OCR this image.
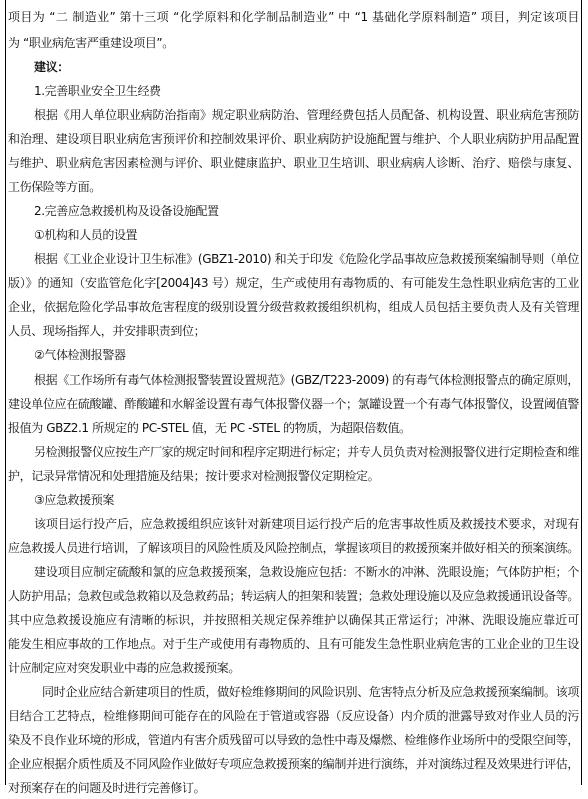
项目为 “二 制造业” 第十三项 “化学原料和化学制品制造业” 中 “1 基础化学原料制造” 项目，判定该项目
为 “职业病危害严重建设项目”。
建议：
1.完善职业安全卫生经费
根据《用人单位职业病防治指南》规定职业病防治、管理经费包括人员配备、机构设置、职业病危害预防
和治理、建设项目职业病危害预评价和控制效果评价、职业病防护设施配置与维护、个人职业病防护用品配置
与维护、职业病危害因素检测与评价、职业健康监护、职业卫生培训、职业病病人诊断、治疗、赔偿与康复、
工伤保险等方面。
2.完善应急救援机构及设备设施配置
①机构和人员的设置
根据《工业企业设计卫生标准》(GBZ1-2010) 和关于印发《危险化学品事故应急救援预案编制导则（单位
版）》的通知（安监管危化字[2004]43 号）规定，生产或使用有毒物质的、有可能发生急性职业病危害的工业
企业，依据危险化学品事故危害程度的级别设置分级营救救援组织机构，组成人员包括主要负责人及有关管理
人员、现场指挥人，并安排职责到位；
②气体检测报警器
根据《工作场所有毒气体检测报警装置设置规范》(GBZ/T223-2009) 的有毒气体检测报警点的确定原则，
建设单位应在硫酸罐、酢酸罐和水解釜设置有毒气体报警仪器一个；氯罐设置一个有毒气体报警仪，设置阈值警
报值为 GBZ2.1 所规定的 PC-STEL 值，无 PC -STEL 的物质，为超限倍数值。
另检测报警仪应按生产厂家的规定时间和程序定期进行标定；并专人员负责对检测报警仪进行定期检查和维
护，记录异常情况和处理措施及结果；按计要求对检测报警仪定期检定。
③应急救援预案
该项目运行投产后，应急救援组织应该针对新建项目运行投产后的危害事故性质及救援技术要求，对现有
应急救援人员进行培训，了解该项目的风险性质及风险控制点，掌握该项目的救援预案并做好相关的预案演练。
建设项目应制定硫酸和氯的应急救援预案，急救设施应包括：不断水的冲淋、洗眼设施；气体防护柜；个
人防护用品；急救包或急救箱以及急救药品；转运病人的担架和装置；急救处理设施以及应急救援通讯设备等。
其中应急救援设施应有清晰的标识，并按照相关规定保养维护以确保其正常运行；冲淋、洗眼设施应靠近可
能发生相应事故的工作地点。对于生产或使用有毒物质的、且有可能发生急性职业病危害的工业企业的卫生设
计应制定应对突发职业中毒的应急救援预案。
同时企业应结合新建项目的性质，做好检维修期间的风险识别、危害特点分析及应急救援预案编制。该项
目结合工艺特点，检维修期间可能存在的风险在于管道或容器（反应设备）内介质的泄露导致对作业人员的污
染及不良作业环境的形成，管道内有害介质残留可以导致的急性中毒及爆燃、检维修作业场所中的受限空间等，
企业应根据介质性质及不同风险作业做好专项应急救援预案的编制并进行演练，并对演练过程及效果进行评估，
对预案存在的问题及时进行完善修订。
